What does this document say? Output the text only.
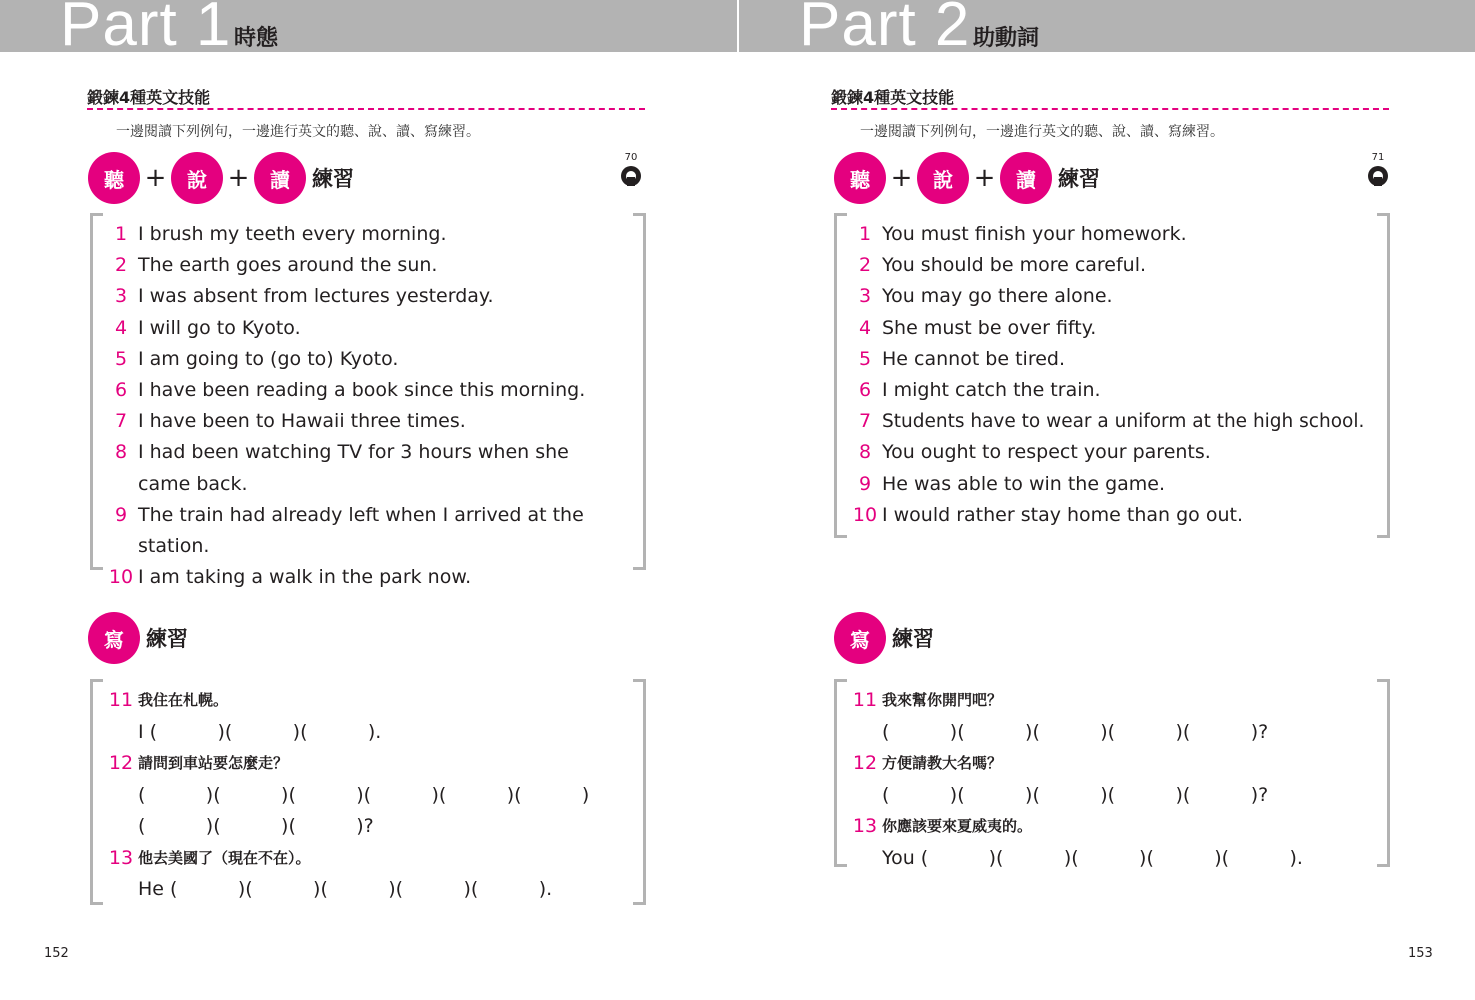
Part 1 時態	Part 2 助動詞
鍛鍊4種英文技能
一邊閱讀下列例句，一邊進行英文的聽、說、讀、寫練習。
聽 +	說 +	讀	練習
70
1 I brush my teeth every morning.
2 The earth goes around the sun.
3 I was absent from lectures yesterday.
4 I will go to Kyoto.
5 I am going to (go to) Kyoto.
6 I have been reading a book since this morning.
7 I have been to Hawaii three times.
8 I had been watching TV for 3 hours when she came back.
9 The train had already left when I arrived at the station.
10 I am taking a walk in the park now.
寫	練習
11 我住在札幌。
I (          )(          )(          ).
12 請問到車站要怎麼走？
(          )(          )(          )(          )(          )(          )
(          )(          )(          )?
13 他去美國了（現在不在）。
He (          )(          )(          )(          )(          ).
152
鍛鍊4種英文技能
一邊閱讀下列例句，一邊進行英文的聽、說、讀、寫練習。
聽 +	說 +	讀	練習
71
1 You must finish your homework.
2 You should be more careful.
3 You may go there alone.
4 She must be over fifty.
5 He cannot be tired.
6 I might catch the train.
7 Students have to wear a uniform at the high school.
8 You ought to respect your parents.
9 He was able to win the game.
10 I would rather stay home than go out.
寫	練習
11 我來幫你開門吧？
(          )(          )(          )(          )(          )?
12 方便請教大名嗎？
(          )(          )(          )(          )(          )?
13 你應該要來夏威夷的。
You (          )(          )(          )(          )(          ).
153
